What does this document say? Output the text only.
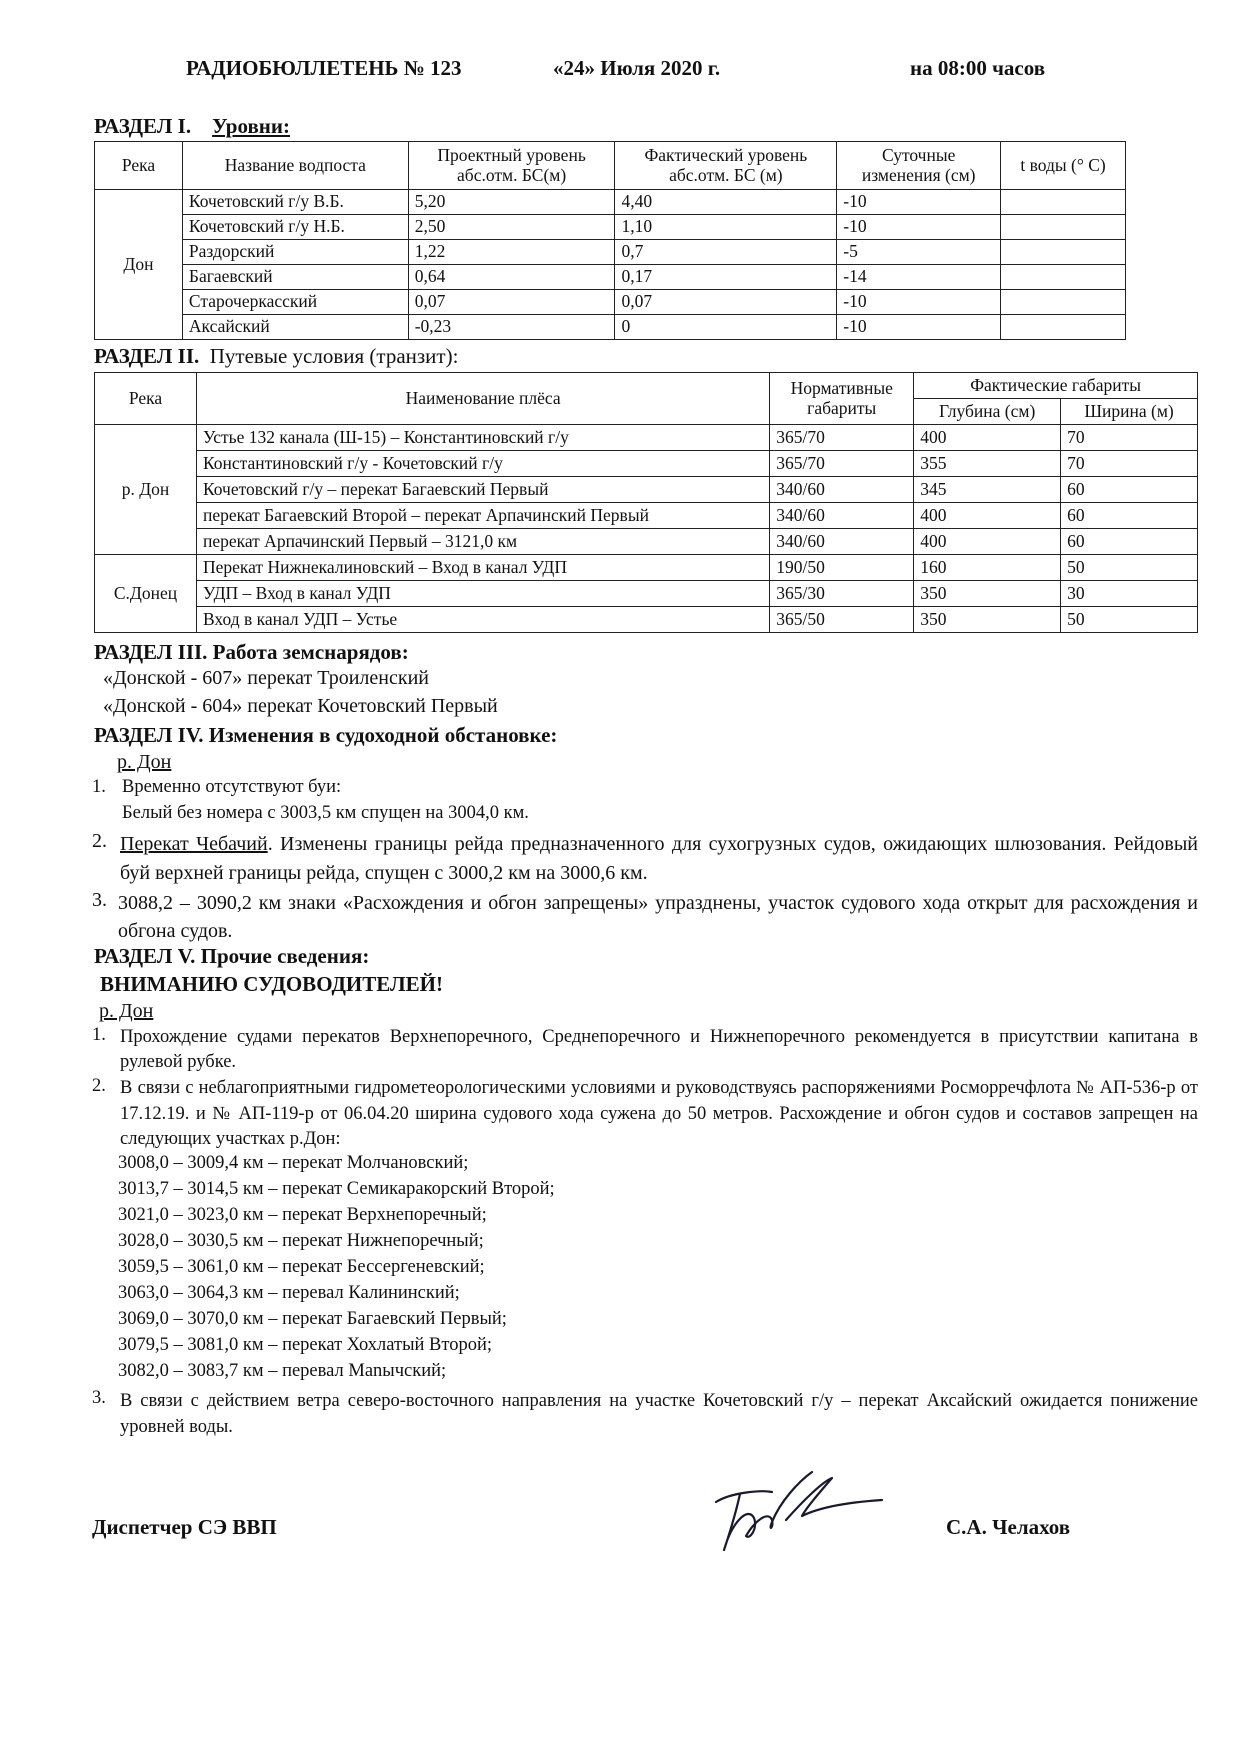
РАДИОБЮЛЛЕТЕНЬ № 123	«24» Июля 2020 г.	на 08:00 часов
РАЗДЕЛ I. Уровни:
Река	Название водпоста	Проектный уровень абс.отм. БС(м)	Фактический уровень абс.отм. БС (м)	Суточные изменения (см)	t воды (° С)
Дон	Кочетовский г/у В.Б.	5,20	4,40	-10	
	Кочетовский г/у Н.Б.	2,50	1,10	-10	
	Раздорский	1,22	0,7	-5	
	Багаевский	0,64	0,17	-14	
	Старочеркасский	0,07	0,07	-10	
	Аксайский	-0,23	0	-10	
РАЗДЕЛ II. Путевые условия (транзит):
Река	Наименование плёса	Нормативные габариты	Фактические габариты	
			Глубина (см)	Ширина (м)
р. Дон	Устье 132 канала (Ш-15) – Константиновский г/у	365/70	400	70
	Константиновский г/у - Кочетовский г/у	365/70	355	70
	Кочетовский г/у – перекат Багаевский Первый	340/60	345	60
	перекат Багаевский Второй – перекат Арпачинский Первый	340/60	400	60
	перекат Арпачинский Первый – 3121,0 км	340/60	400	60
С.Донец	Перекат Нижнекалиновский – Вход в канал УДП	190/50	160	50
	УДП – Вход в канал УДП	365/30	350	30
	Вход в канал УДП – Устье	365/50	350	50
РАЗДЕЛ III. Работа земснарядов:
«Донской - 607» перекат Троиленский
«Донской - 604» перекат Кочетовский Первый
РАЗДЕЛ IV. Изменения в судоходной обстановке:
р. Дон
1. Временно отсутствуют буи:
Белый без номера с 3003,5 км спущен на 3004,0 км.
2. Перекат Чебачий. Изменены границы рейда предназначенного для сухогрузных судов, ожидающих шлюзования. Рейдовый буй верхней границы рейда, спущен с 3000,2 км на 3000,6 км.
3. 3088,2 – 3090,2 км знаки «Расхождения и обгон запрещены» упразднены, участок судового хода открыт для расхождения и обгона судов.
РАЗДЕЛ V. Прочие сведения:
ВНИМАНИЮ СУДОВОДИТЕЛЕЙ!
р. Дон
1. Прохождение судами перекатов Верхнепоречного, Среднепоречного и Нижнепоречного рекомендуется в присутствии капитана в рулевой рубке.
2. В связи с неблагоприятными гидрометеорологическими условиями и руководствуясь распоряжениями Росморречфлота № АП-536-р от 17.12.19. и № АП-119-р от 06.04.20 ширина судового хода сужена до 50 метров. Расхождение и обгон судов и составов запрещен на следующих участках р.Дон:
3008,0 – 3009,4 км – перекат Молчановский;
3013,7 – 3014,5 км – перекат Семикаракорский Второй;
3021,0 – 3023,0 км – перекат Верхнепоречный;
3028,0 – 3030,5 км – перекат Нижнепоречный;
3059,5 – 3061,0 км – перекат Бессергеневский;
3063,0 – 3064,3 км – перевал Калининский;
3069,0 – 3070,0 км – перекат Багаевский Первый;
3079,5 – 3081,0 км – перекат Хохлатый Второй;
3082,0 – 3083,7 км – перевал Manычский;
3. В связи с действием ветра северо-восточного направления на участке Кочетовский г/у – перекат Аксайский ожидается понижение уровней воды.
Диспетчер СЭ ВВП	С.А. Челахов
